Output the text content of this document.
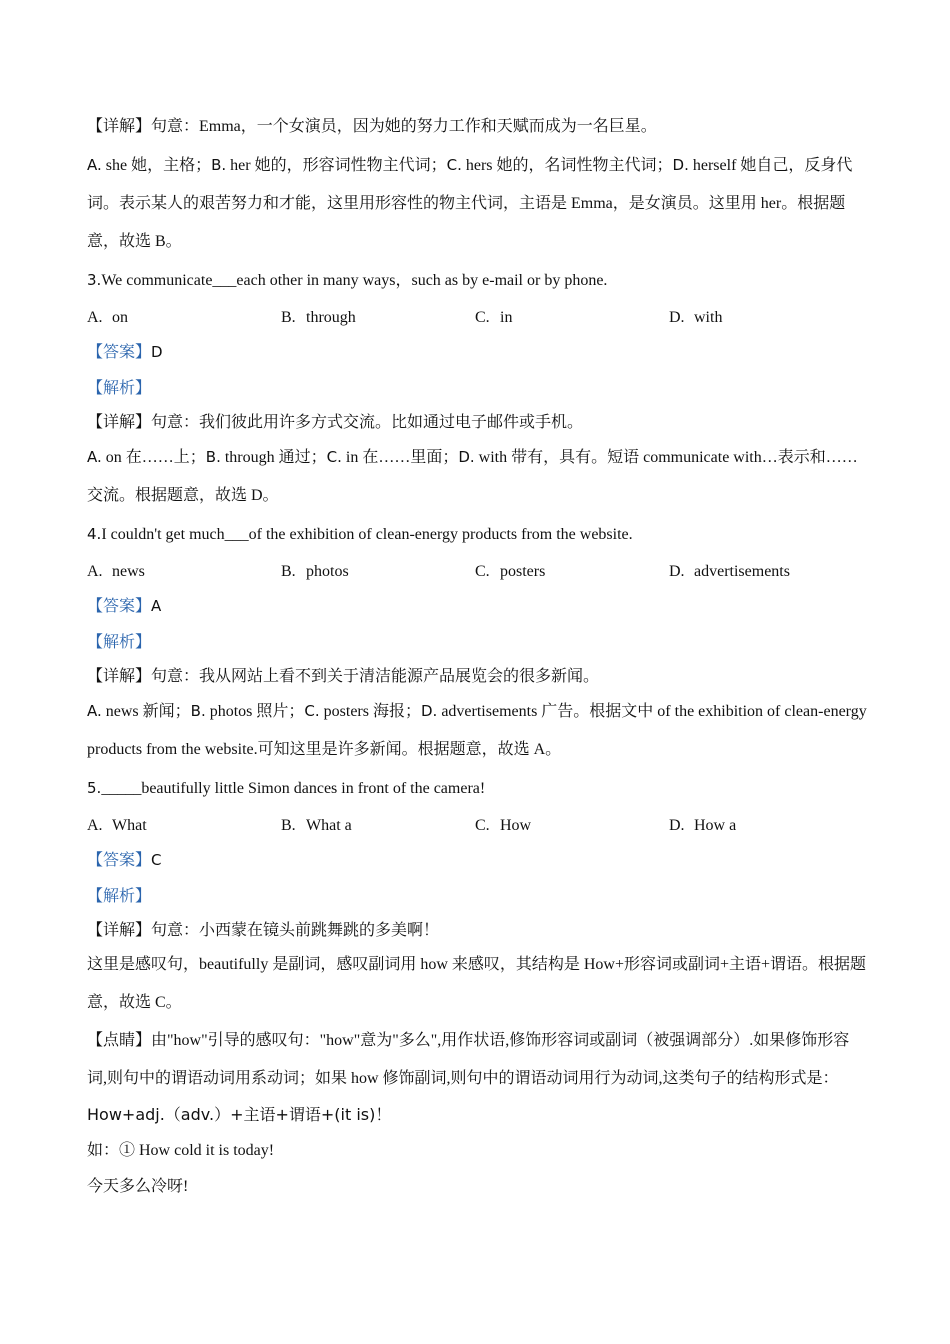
【详解】句意：Emma，一个女演员，因为她的努力工作和天赋而成为一名巨星。

A. she 她，主格；B. her 她的，形容词性物主代词；C. hers 她的，名词性物主代词；D. herself 她自己，反身代词。表示某人的艰苦努力和才能，这里用形容性的物主代词，主语是 Emma，是女演员。这里用 her。根据题意，故选 B。

3.We communicate___each other in many ways，such as by e-mail or by phone.

A. on	B. through	C. in	D. with

【答案】D

【解析】

【详解】句意：我们彼此用许多方式交流。比如通过电子邮件或手机。

A. on 在……上；B. through 通过；C. in 在……里面；D. with 带有，具有。短语 communicate with…表示和……交流。根据题意，故选 D。

4.I couldn't get much___of the exhibition of clean-energy products from the website.

A. news	B. photos	C. posters	D. advertisements

【答案】A

【解析】

【详解】句意：我从网站上看不到关于清洁能源产品展览会的很多新闻。

A. news 新闻；B. photos 照片；C. posters 海报；D. advertisements 广告。根据文中 of the exhibition of clean-energy products from the website.可知这里是许多新闻。根据题意，故选 A。

5._____beautifully little Simon dances in front of the camera!

A. What	B. What a	C. How	D. How a

【答案】C

【解析】

【详解】句意：小西蒙在镜头前跳舞跳的多美啊！

这里是感叹句，beautifully 是副词，感叹副词用 how 来感叹，其结构是 How+形容词或副词+主语+谓语。根据题意，故选 C。

【点睛】由"how"引导的感叹句："how"意为"多么",用作状语,修饰形容词或副词（被强调部分）.如果修饰形容词,则句中的谓语动词用系动词；如果 how 修饰副词,则句中的谓语动词用行为动词,这类句子的结构形式是：

How+adj.（adv.）+主语+谓语+(it is)！

如：① How cold it is today!

今天多么冷呀!
